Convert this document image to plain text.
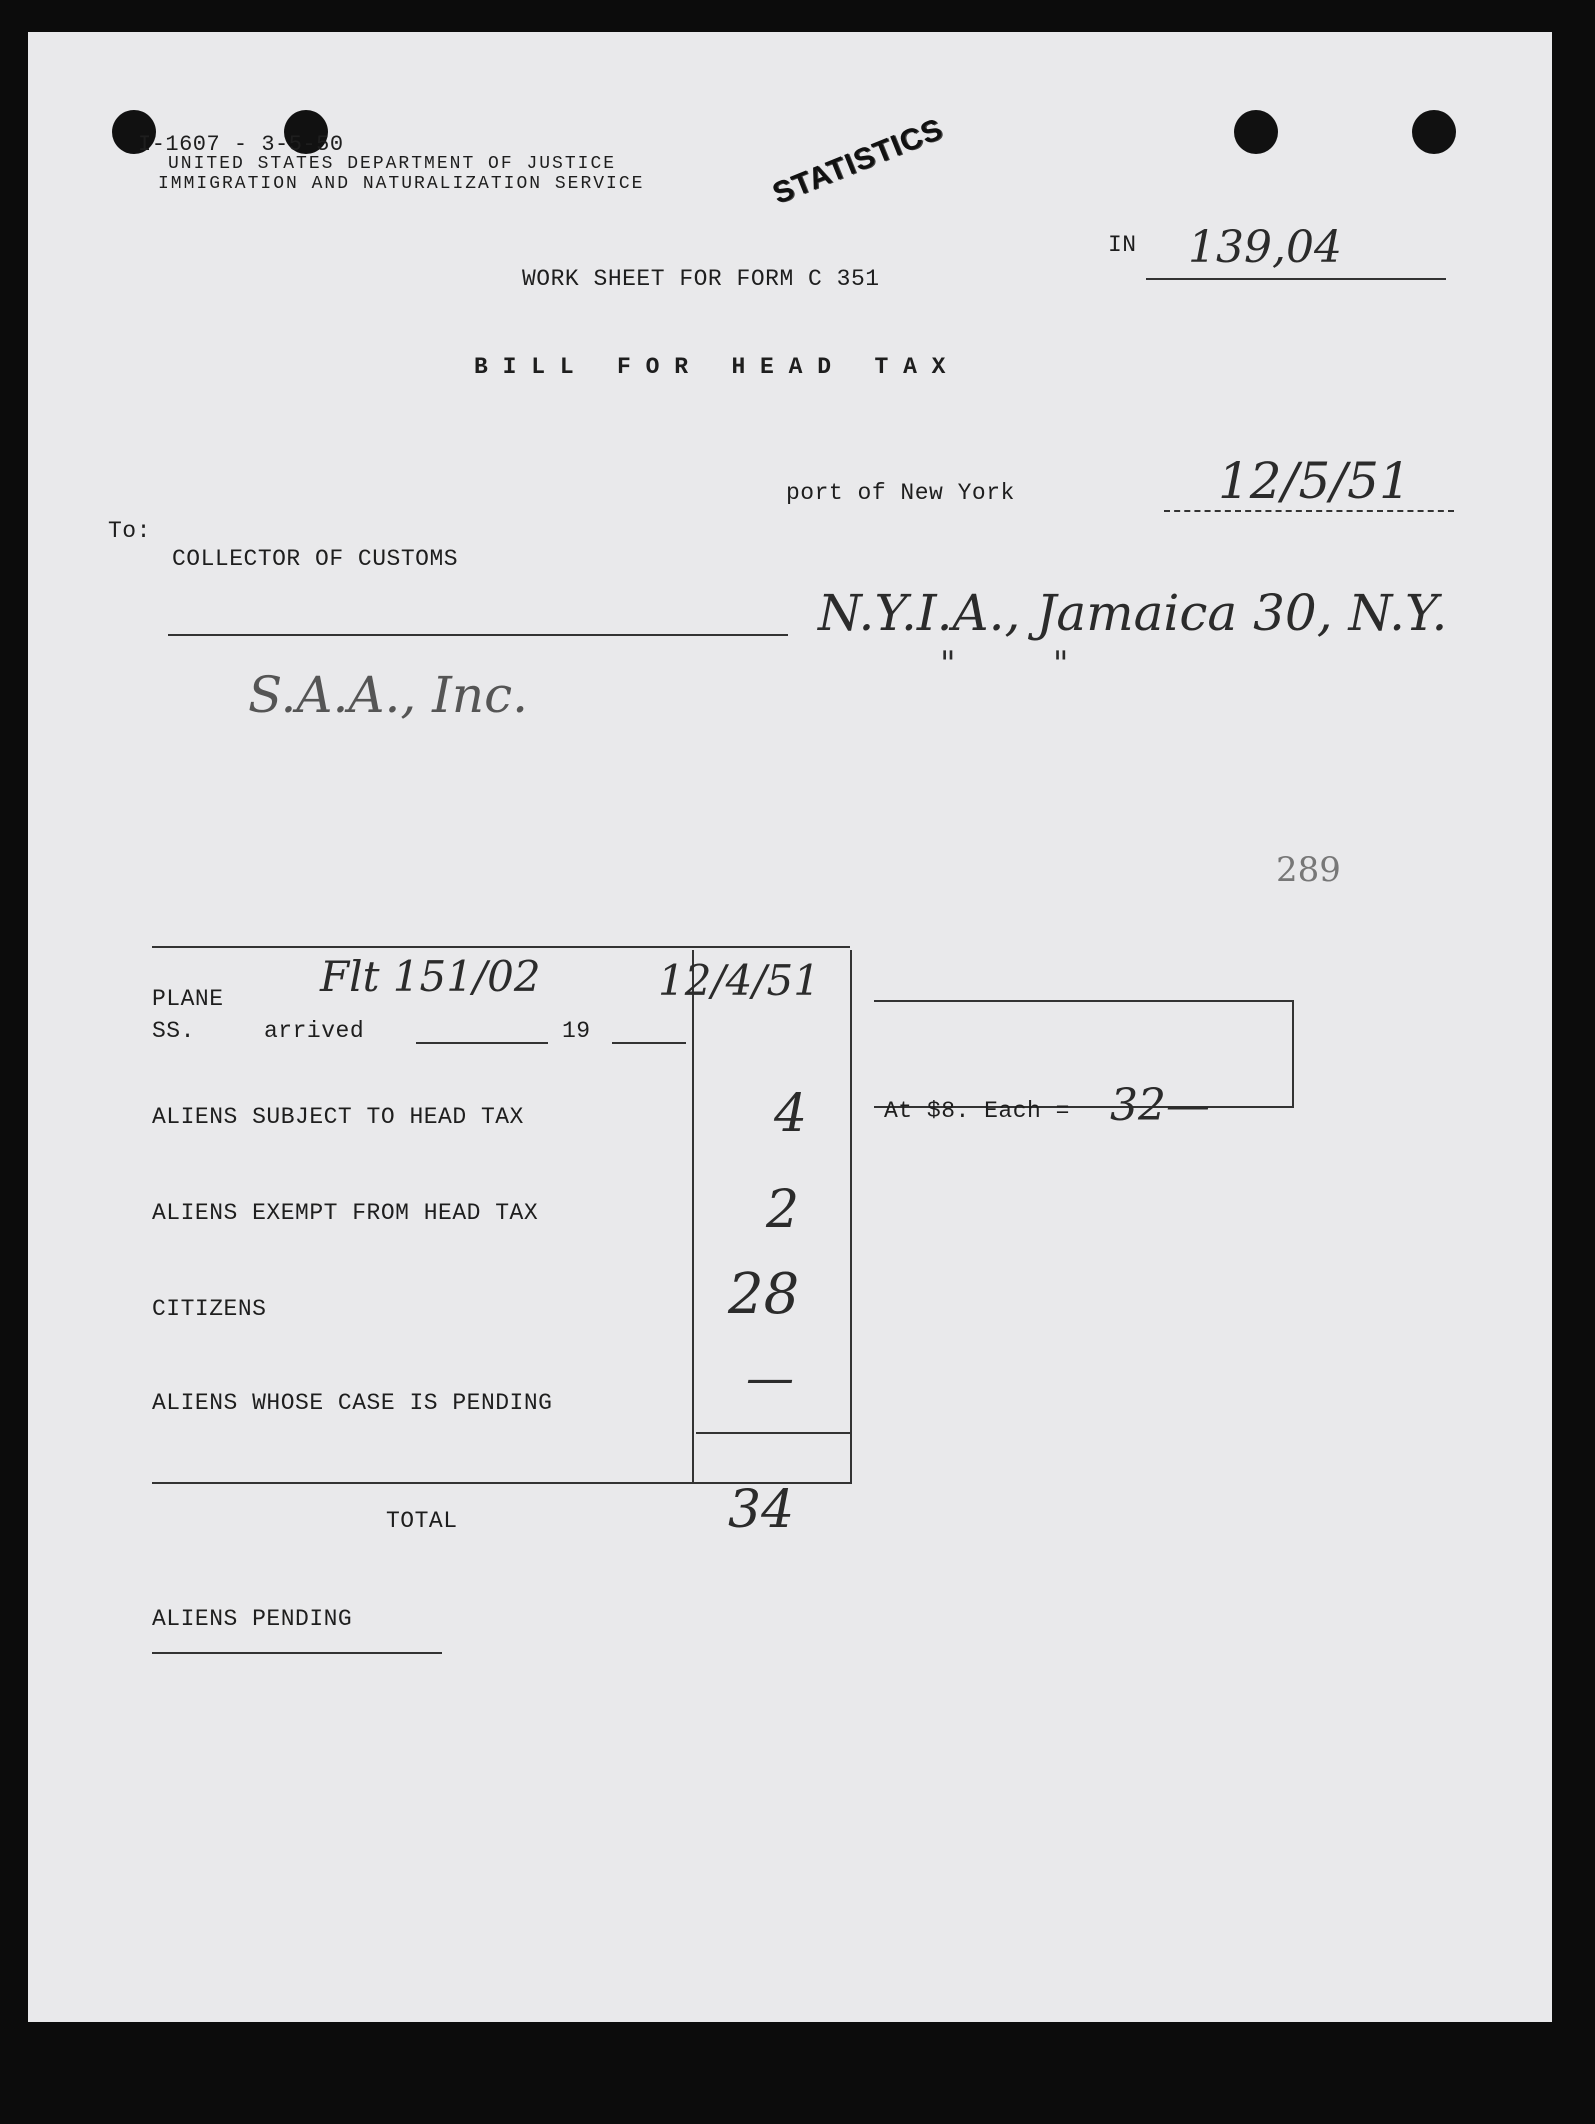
I-1607 - 3-5-50
UNITED STATES DEPARTMENT OF JUSTICE
IMMIGRATION AND NATURALIZATION SERVICE	STATISTICS
IN 139,04
WORK SHEET FOR FORM C 351
B I L L   F O R   H E A D   T A X
port of New York	12/5/51
To:
COLLECTOR OF CUSTOMS
N.Y.I.A., Jamaica 30, N.Y.
"         "
S.A.A., Inc.
289
PLANE
SS.	arrived	19
Flt 151/02	12/4/51
ALIENS SUBJECT TO HEAD TAX	4
ALIENS EXEMPT FROM HEAD TAX	2
CITIZENS	28
ALIENS WHOSE CASE IS PENDING	—
TOTAL	34
At $8. Each = 32—
ALIENS PENDING
